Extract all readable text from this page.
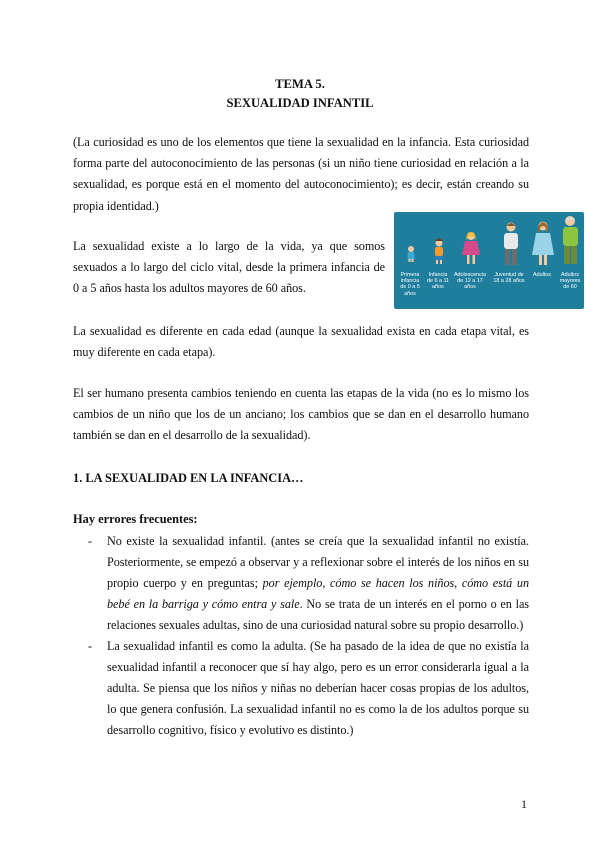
TEMA 5.
SEXUALIDAD INFANTIL
(La curiosidad es uno de los elementos que tiene la sexualidad en la infancia. Esta curiosidad forma parte del autoconocimiento de las personas (si un niño tiene curiosidad en relación a la sexualidad, es porque está en el momento del autoconocimiento); es decir, están creando su propia identidad.)
La sexualidad existe a lo largo de la vida, ya que somos sexuados a lo largo del ciclo vital, desde la primera infancia de 0 a 5 años hasta los adultos mayores de 60 años.
Primera infancia de 0 a 5 años
Infancia de 6 a 11 años
Adolescencia de 12 a 17 años
Juventud de 18 a 28 años
Adultos	Adultos mayores de 60
La sexualidad es diferente en cada edad (aunque la sexualidad exista en cada etapa vital, es muy diferente en cada etapa).
El ser humano presenta cambios teniendo en cuenta las etapas de la vida (no es lo mismo los cambios de un niño que los de un anciano; los cambios que se dan en el desarrollo humano también se dan en el desarrollo de la sexualidad).
1. LA SEXUALIDAD EN LA INFANCIA…
Hay errores frecuentes:
- No existe la sexualidad infantil. (antes se creía que la sexualidad infantil no existía. Posteriormente, se empezó a observar y a reflexionar sobre el interés de los niños en su propio cuerpo y en preguntas; por ejemplo, cómo se hacen los niños, cómo está un bebé en la barriga y cómo entra y sale. No se trata de un interés en el porno o en las relaciones sexuales adultas, sino de una curiosidad natural sobre su propio desarrollo.)
- La sexualidad infantil es como la adulta. (Se ha pasado de la idea de que no existía la sexualidad infantil a reconocer que sí hay algo, pero es un error considerarla igual a la adulta. Se piensa que los niños y niñas no deberían hacer cosas propias de los adultos, lo que genera confusión. La sexualidad infantil no es como la de los adultos porque su desarrollo cognitivo, físico y evolutivo es distinto.)
1
